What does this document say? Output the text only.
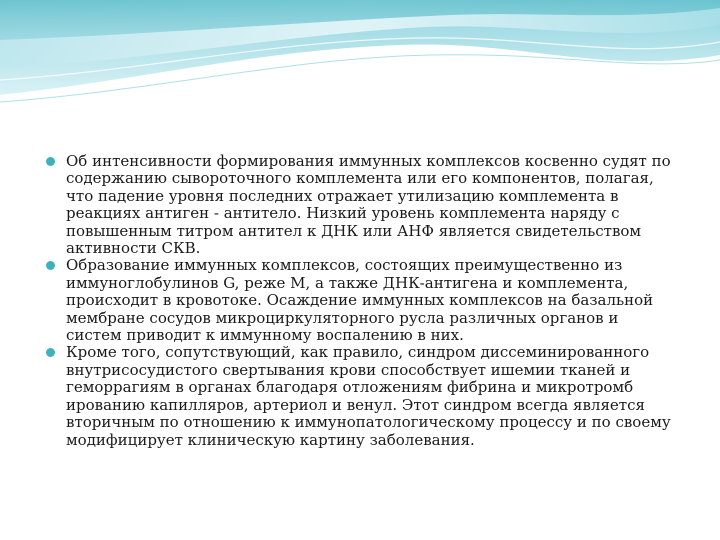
Об интенсивности формирования иммунных комплексов косвенно судят по содержанию сывороточного комплемента или его компонентов, полагая, что падение уровня последних отражает утилизацию комплемента в реакциях антиген - антитело. Низкий уровень комплемента наряду с повышенным титром антител к ДНК или АНФ является свидетельством активности СКВ.
Образование иммунных комплексов, состоящих преимущественно из иммуноглобулинов G, реже М, а также ДНК-антигена и комплемента, происходит в кровотоке. Осаждение иммунных комплексов на базальной мембране сосудов микроциркуляторного русла различных органов и систем приводит к иммунному воспалению в них.
Кроме того, сопутствующий, как правило, синдром диссеминированного внутрисосудистого свертывания крови способствует ишемии тканей и геморрагиям в органах благодаря отложениям фибрина и микротромб ированию капилляров, артериол и венул. Этот синдром всегда является вторичным по отношению к иммунопатологическому процессу и по своему модифицирует клиническую картину заболевания.
